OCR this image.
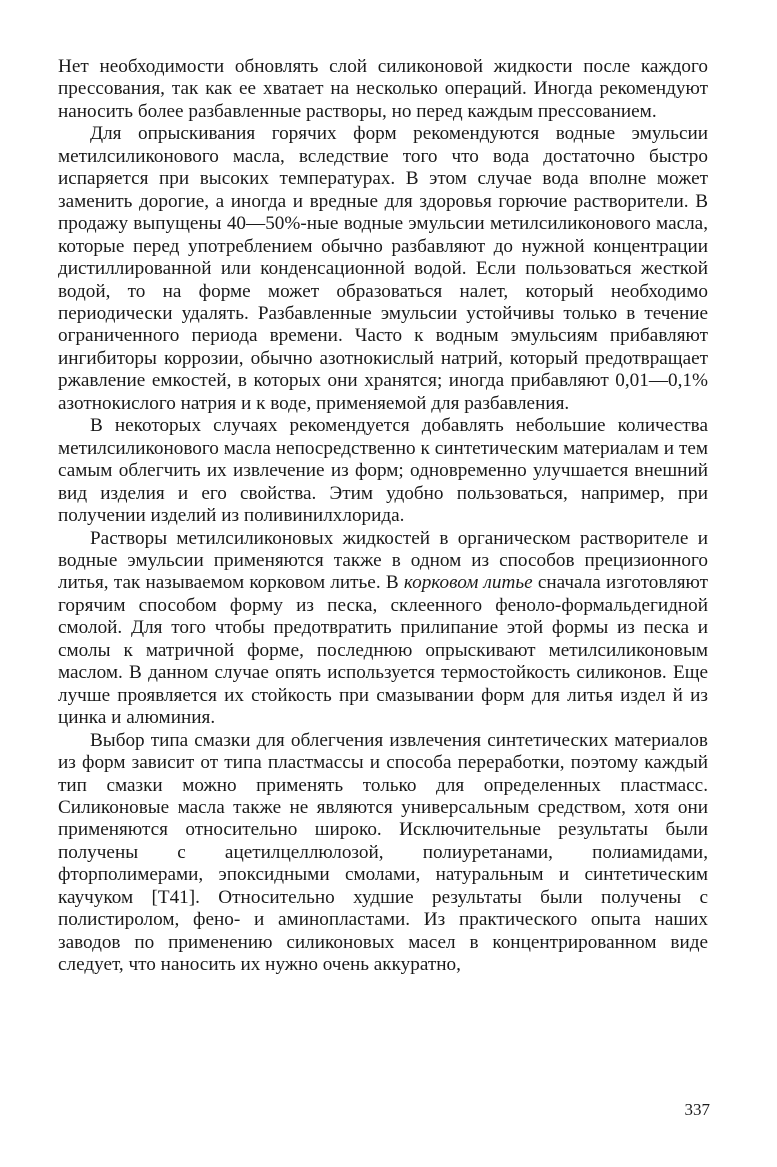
Нет необходимости обновлять слой силиконовой жидкости после каждого прессования, так как ее хватает на несколько операций. Иногда рекомендуют наносить более разбавленные растворы, но перед каждым прессованием.

Для опрыскивания горячих форм рекомендуются водные эмульсии метилсиликонового масла, вследствие того что вода достаточно быстро испаряется при высоких температурах. В этом случае вода вполне может заменить дорогие, а иногда и вредные для здоровья горючие растворители. В продажу выпущены 40—50%-ные водные эмульсии метилсиликонового масла, которые перед употреблением обычно разбавляют до нужной концентрации дистиллированной или конденсационной водой. Если пользоваться жесткой водой, то на форме может образоваться налет, который необходимо периодически удалять. Разбавленные эмульсии устойчивы только в течение ограниченного периода времени. Часто к водным эмульсиям прибавляют ингибиторы коррозии, обычно азотнокислый натрий, который предотвращает ржавление емкостей, в которых они хранятся; иногда прибавляют 0,01—0,1% азотнокислого натрия и к воде, применяемой для разбавления.

В некоторых случаях рекомендуется добавлять небольшие количества метилсиликонового масла непосредственно к синтетическим материалам и тем самым облегчить их извлечение из форм; одновременно улучшается внешний вид изделия и его свойства. Этим удобно пользоваться, например, при получении изделий из поливинилхлорида.

Растворы метилсиликоновых жидкостей в органическом растворителе и водные эмульсии применяются также в одном из способов прецизионного литья, так называемом корковом литье. В корковом литье сначала изготовляют горячим способом форму из песка, склеенного феноло-формальдегидной смолой. Для того чтобы предотвратить прилипание этой формы из песка и смолы к матричной форме, последнюю опрыскивают метилсиликоновым маслом. В данном случае опять используется термостойкость силиконов. Еще лучше проявляется их стойкость при смазывании форм для литья издел й из цинка и алюминия.

Выбор типа смазки для облегчения извлечения синтетических материалов из форм зависит от типа пластмассы и способа переработки, поэтому каждый тип смазки можно применять только для определенных пластмасс. Силиконовые масла также не являются универсальным средством, хотя они применяются относительно широко. Исключительные результаты были получены с ацетилцеллюлозой, полиуретанами, полиамидами, фторполимерами, эпоксидными смолами, натуральным и синтетическим каучуком [Т41]. Относительно худшие результаты были получены с полистиролом, фено- и аминопластами. Из практического опыта наших заводов по применению силиконовых масел в концентрированном виде следует, что наносить их нужно очень аккуратно,

337
